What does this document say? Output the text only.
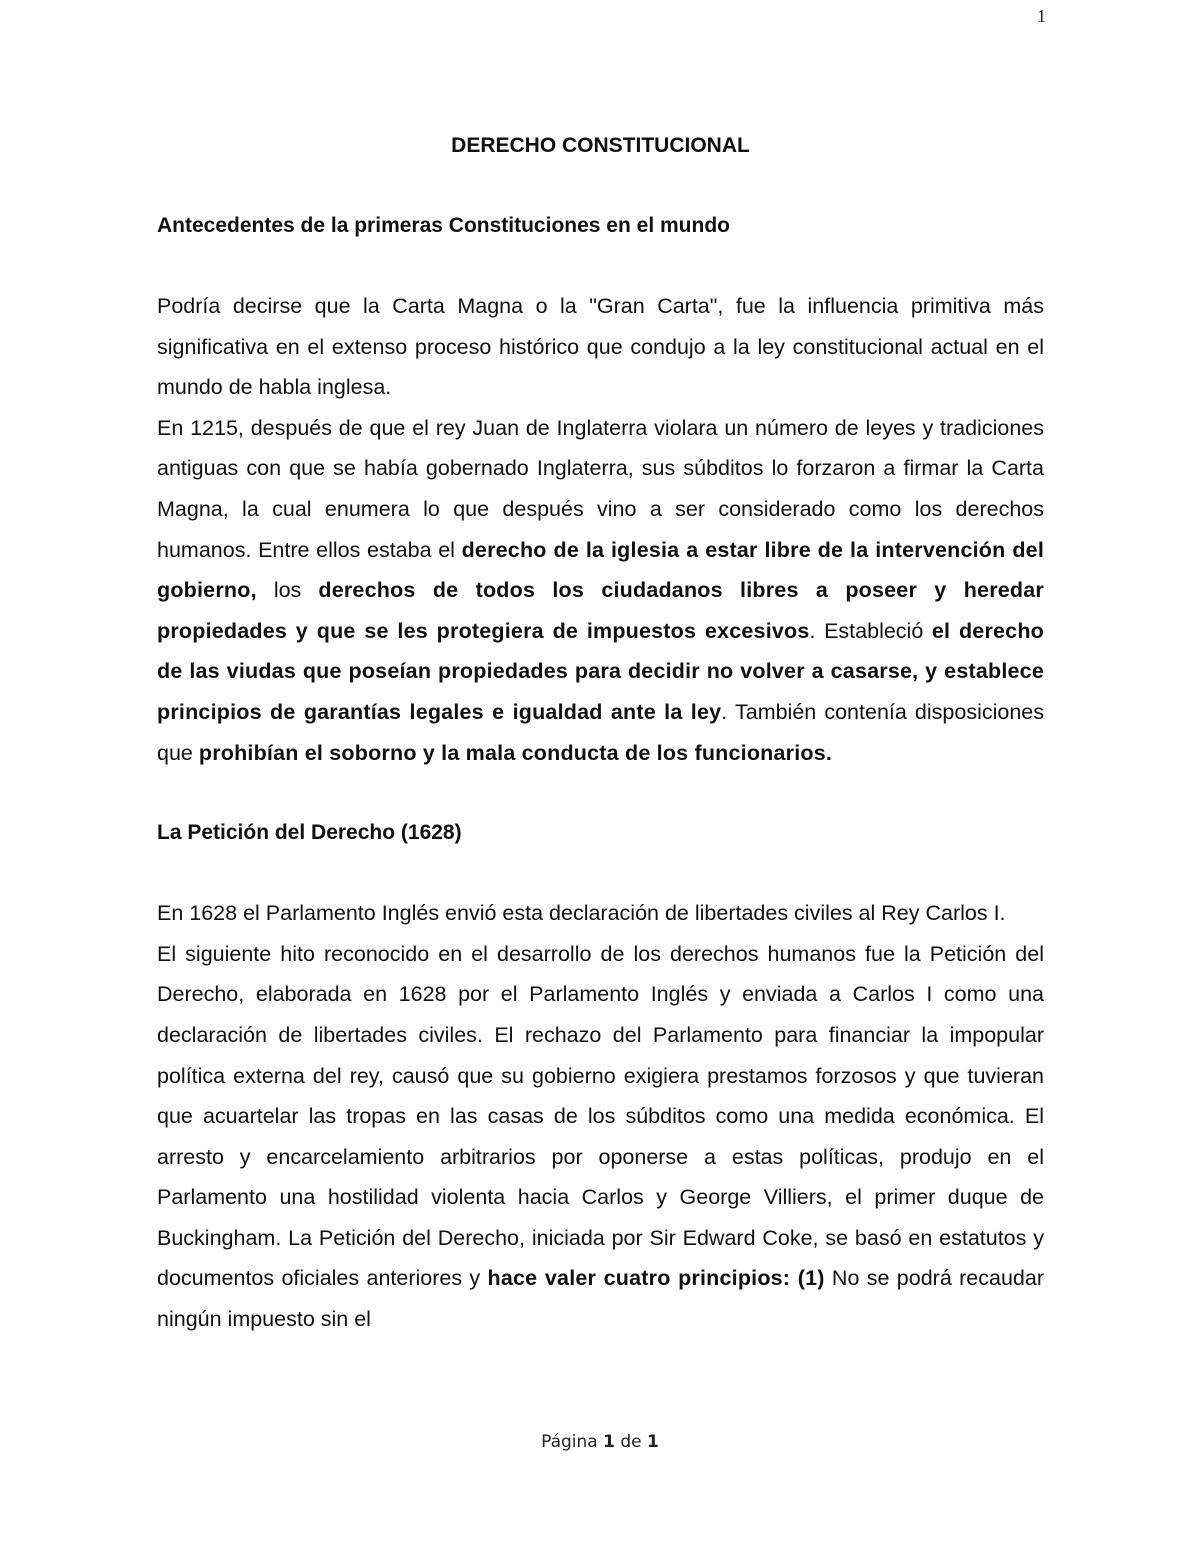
1
DERECHO CONSTITUCIONAL
Antecedentes de la primeras Constituciones en el mundo

Podría decirse que la Carta Magna o la "Gran Carta", fue la influencia primitiva más significativa en el extenso proceso histórico que condujo a la ley constitucional actual en el mundo de habla inglesa.

En 1215, después de que el rey Juan de Inglaterra violara un número de leyes y tradiciones antiguas con que se había gobernado Inglaterra, sus súbditos lo forzaron a firmar la Carta Magna, la cual enumera lo que después vino a ser considerado como los derechos humanos. Entre ellos estaba el derecho de la iglesia a estar libre de la intervención del gobierno, los derechos de todos los ciudadanos libres a poseer y heredar propiedades y que se les protegiera de impuestos excesivos. Estableció el derecho de las viudas que poseían propiedades para decidir no volver a casarse, y establece principios de garantías legales e igualdad ante la ley. También contenía disposiciones que prohibían el soborno y la mala conducta de los funcionarios.

La Petición del Derecho (1628)

En 1628 el Parlamento Inglés envió esta declaración de libertades civiles al Rey Carlos I.

El siguiente hito reconocido en el desarrollo de los derechos humanos fue la Petición del Derecho, elaborada en 1628 por el Parlamento Inglés y enviada a Carlos I como una declaración de libertades civiles. El rechazo del Parlamento para financiar la impopular política externa del rey, causó que su gobierno exigiera prestamos forzosos y que tuvieran que acuartelar las tropas en las casas de los súbditos como una medida económica. El arresto y encarcelamiento arbitrarios por oponerse a estas políticas, produjo en el Parlamento una hostilidad violenta hacia Carlos y George Villiers, el primer duque de Buckingham. La Petición del Derecho, iniciada por Sir Edward Coke, se basó en estatutos y documentos oficiales anteriores y hace valer cuatro principios: (1) No se podrá recaudar ningún impuesto sin el

Página 1 de 1
